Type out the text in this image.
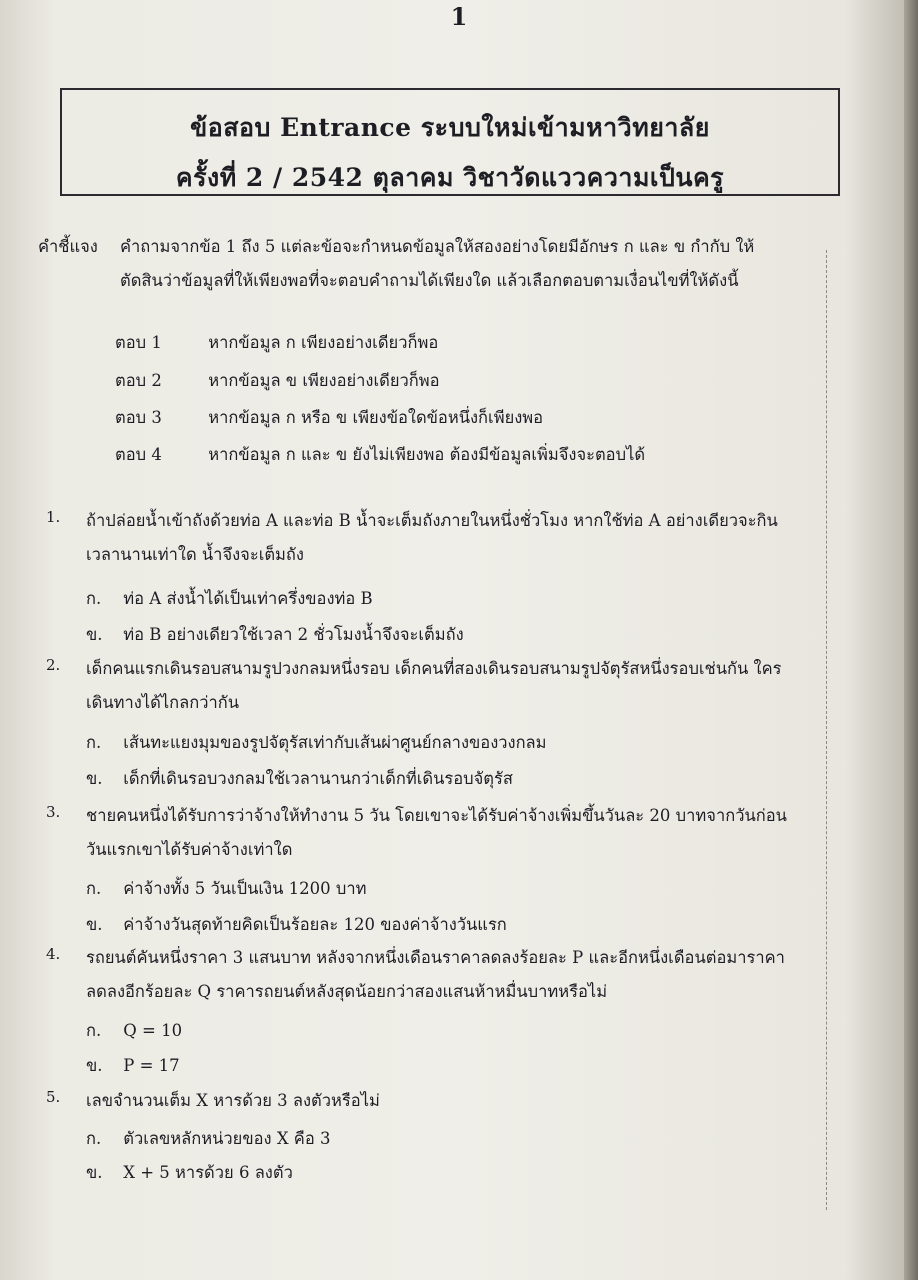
1
ข้อสอบ Entrance ระบบใหม่เข้ามหาวิทยาลัย
ครั้งที่ 2 / 2542 ตุลาคม วิชาวัดแววความเป็นครู
คำชี้แจง คำถามจากข้อ 1 ถึง 5 แต่ละข้อจะกำหนดข้อมูลให้สองอย่างโดยมีอักษร ก และ ข กำกับ ให้
ตัดสินว่าข้อมูลที่ให้เพียงพอที่จะตอบคำถามได้เพียงใด แล้วเลือกตอบตามเงื่อนไขที่ให้ดังนี้
ตอบ 1	หากข้อมูล ก เพียงอย่างเดียวก็พอ
ตอบ 2	หากข้อมูล ข เพียงอย่างเดียวก็พอ
ตอบ 3	หากข้อมูล ก หรือ ข เพียงข้อใดข้อหนึ่งก็เพียงพอ
ตอบ 4	หากข้อมูล ก และ ข ยังไม่เพียงพอ ต้องมีข้อมูลเพิ่มจึงจะตอบได้
1. ถ้าปล่อยน้ำเข้าถังด้วยท่อ A และท่อ B น้ำจะเต็มถังภายในหนึ่งชั่วโมง หากใช้ท่อ A อย่างเดียวจะกิน
เวลานานเท่าใด น้ำจึงจะเต็มถัง
ก. ท่อ A ส่งน้ำได้เป็นเท่าครึ่งของท่อ B
ข. ท่อ B อย่างเดียวใช้เวลา 2 ชั่วโมงน้ำจึงจะเต็มถัง
2. เด็กคนแรกเดินรอบสนามรูปวงกลมหนึ่งรอบ เด็กคนที่สองเดินรอบสนามรูปจัตุรัสหนึ่งรอบเช่นกัน ใคร
เดินทางได้ไกลกว่ากัน
ก. เส้นทะแยงมุมของรูปจัตุรัสเท่ากับเส้นผ่าศูนย์กลางของวงกลม
ข. เด็กที่เดินรอบวงกลมใช้เวลานานกว่าเด็กที่เดินรอบจัตุรัส
3. ชายคนหนึ่งได้รับการว่าจ้างให้ทำงาน 5 วัน โดยเขาจะได้รับค่าจ้างเพิ่มขึ้นวันละ 20 บาทจากวันก่อน
วันแรกเขาได้รับค่าจ้างเท่าใด
ก. ค่าจ้างทั้ง 5 วันเป็นเงิน 1200 บาท
ข. ค่าจ้างวันสุดท้ายคิดเป็นร้อยละ 120 ของค่าจ้างวันแรก
4. รถยนต์คันหนึ่งราคา 3 แสนบาท หลังจากหนึ่งเดือนราคาลดลงร้อยละ P และอีกหนึ่งเดือนต่อมาราคา
ลดลงอีกร้อยละ Q ราคารถยนต์หลังสุดน้อยกว่าสองแสนห้าหมื่นบาทหรือไม่
ก. Q = 10
ข. P = 17
5. เลขจำนวนเต็ม X หารด้วย 3 ลงตัวหรือไม่
ก. ตัวเลขหลักหน่วยของ X คือ 3
ข. X + 5 หารด้วย 6 ลงตัว
